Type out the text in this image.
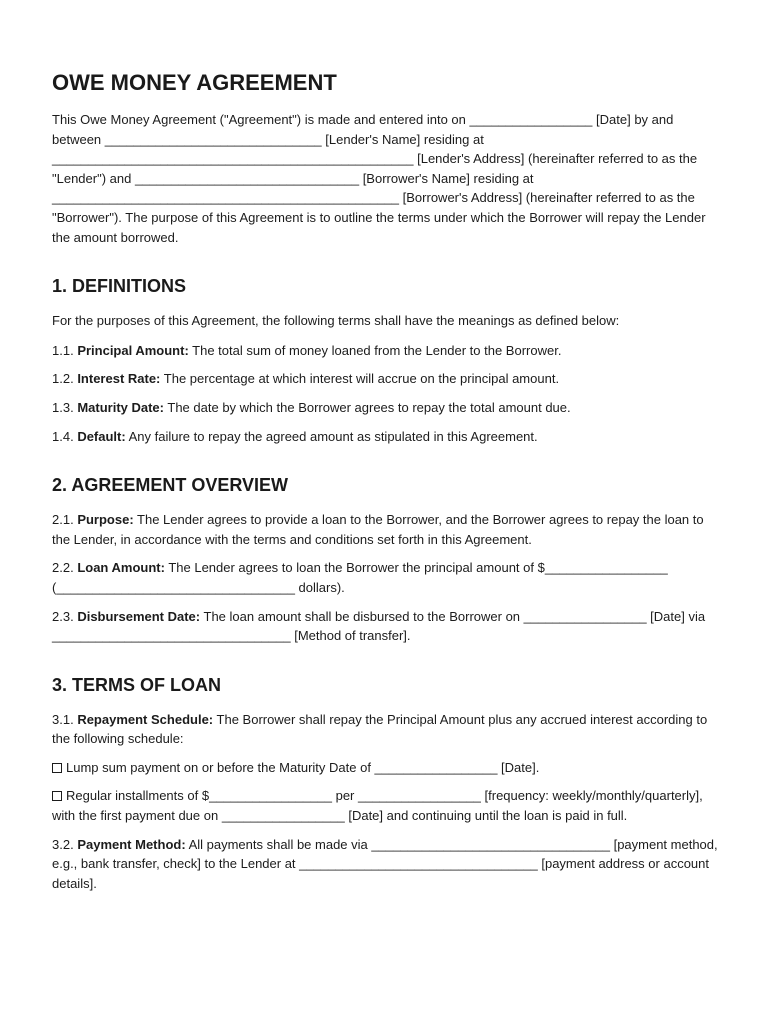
OWE MONEY AGREEMENT

This Owe Money Agreement ("Agreement") is made and entered into on _________________ [Date] by and between ______________________________ [Lender's Name] residing at __________________________________________________ [Lender's Address] (hereinafter referred to as the "Lender") and _______________________________ [Borrower's Name] residing at ________________________________________________ [Borrower's Address] (hereinafter referred to as the "Borrower"). The purpose of this Agreement is to outline the terms under which the Borrower will repay the Lender the amount borrowed.

1. DEFINITIONS

For the purposes of this Agreement, the following terms shall have the meanings as defined below:

1.1. Principal Amount: The total sum of money loaned from the Lender to the Borrower.

1.2. Interest Rate: The percentage at which interest will accrue on the principal amount.

1.3. Maturity Date: The date by which the Borrower agrees to repay the total amount due.

1.4. Default: Any failure to repay the agreed amount as stipulated in this Agreement.

2. AGREEMENT OVERVIEW

2.1. Purpose: The Lender agrees to provide a loan to the Borrower, and the Borrower agrees to repay the loan to the Lender, in accordance with the terms and conditions set forth in this Agreement.

2.2. Loan Amount: The Lender agrees to loan the Borrower the principal amount of $_________________ (_________________________________ dollars).

2.3. Disbursement Date: The loan amount shall be disbursed to the Borrower on _________________ [Date] via _________________________________ [Method of transfer].

3. TERMS OF LOAN

3.1. Repayment Schedule: The Borrower shall repay the Principal Amount plus any accrued interest according to the following schedule:

Lump sum payment on or before the Maturity Date of _________________ [Date].

Regular installments of $_________________ per _________________ [frequency: weekly/monthly/quarterly], with the first payment due on _________________ [Date] and continuing until the loan is paid in full.

3.2. Payment Method: All payments shall be made via _________________________________ [payment method, e.g., bank transfer, check] to the Lender at _________________________________ [payment address or account details].
